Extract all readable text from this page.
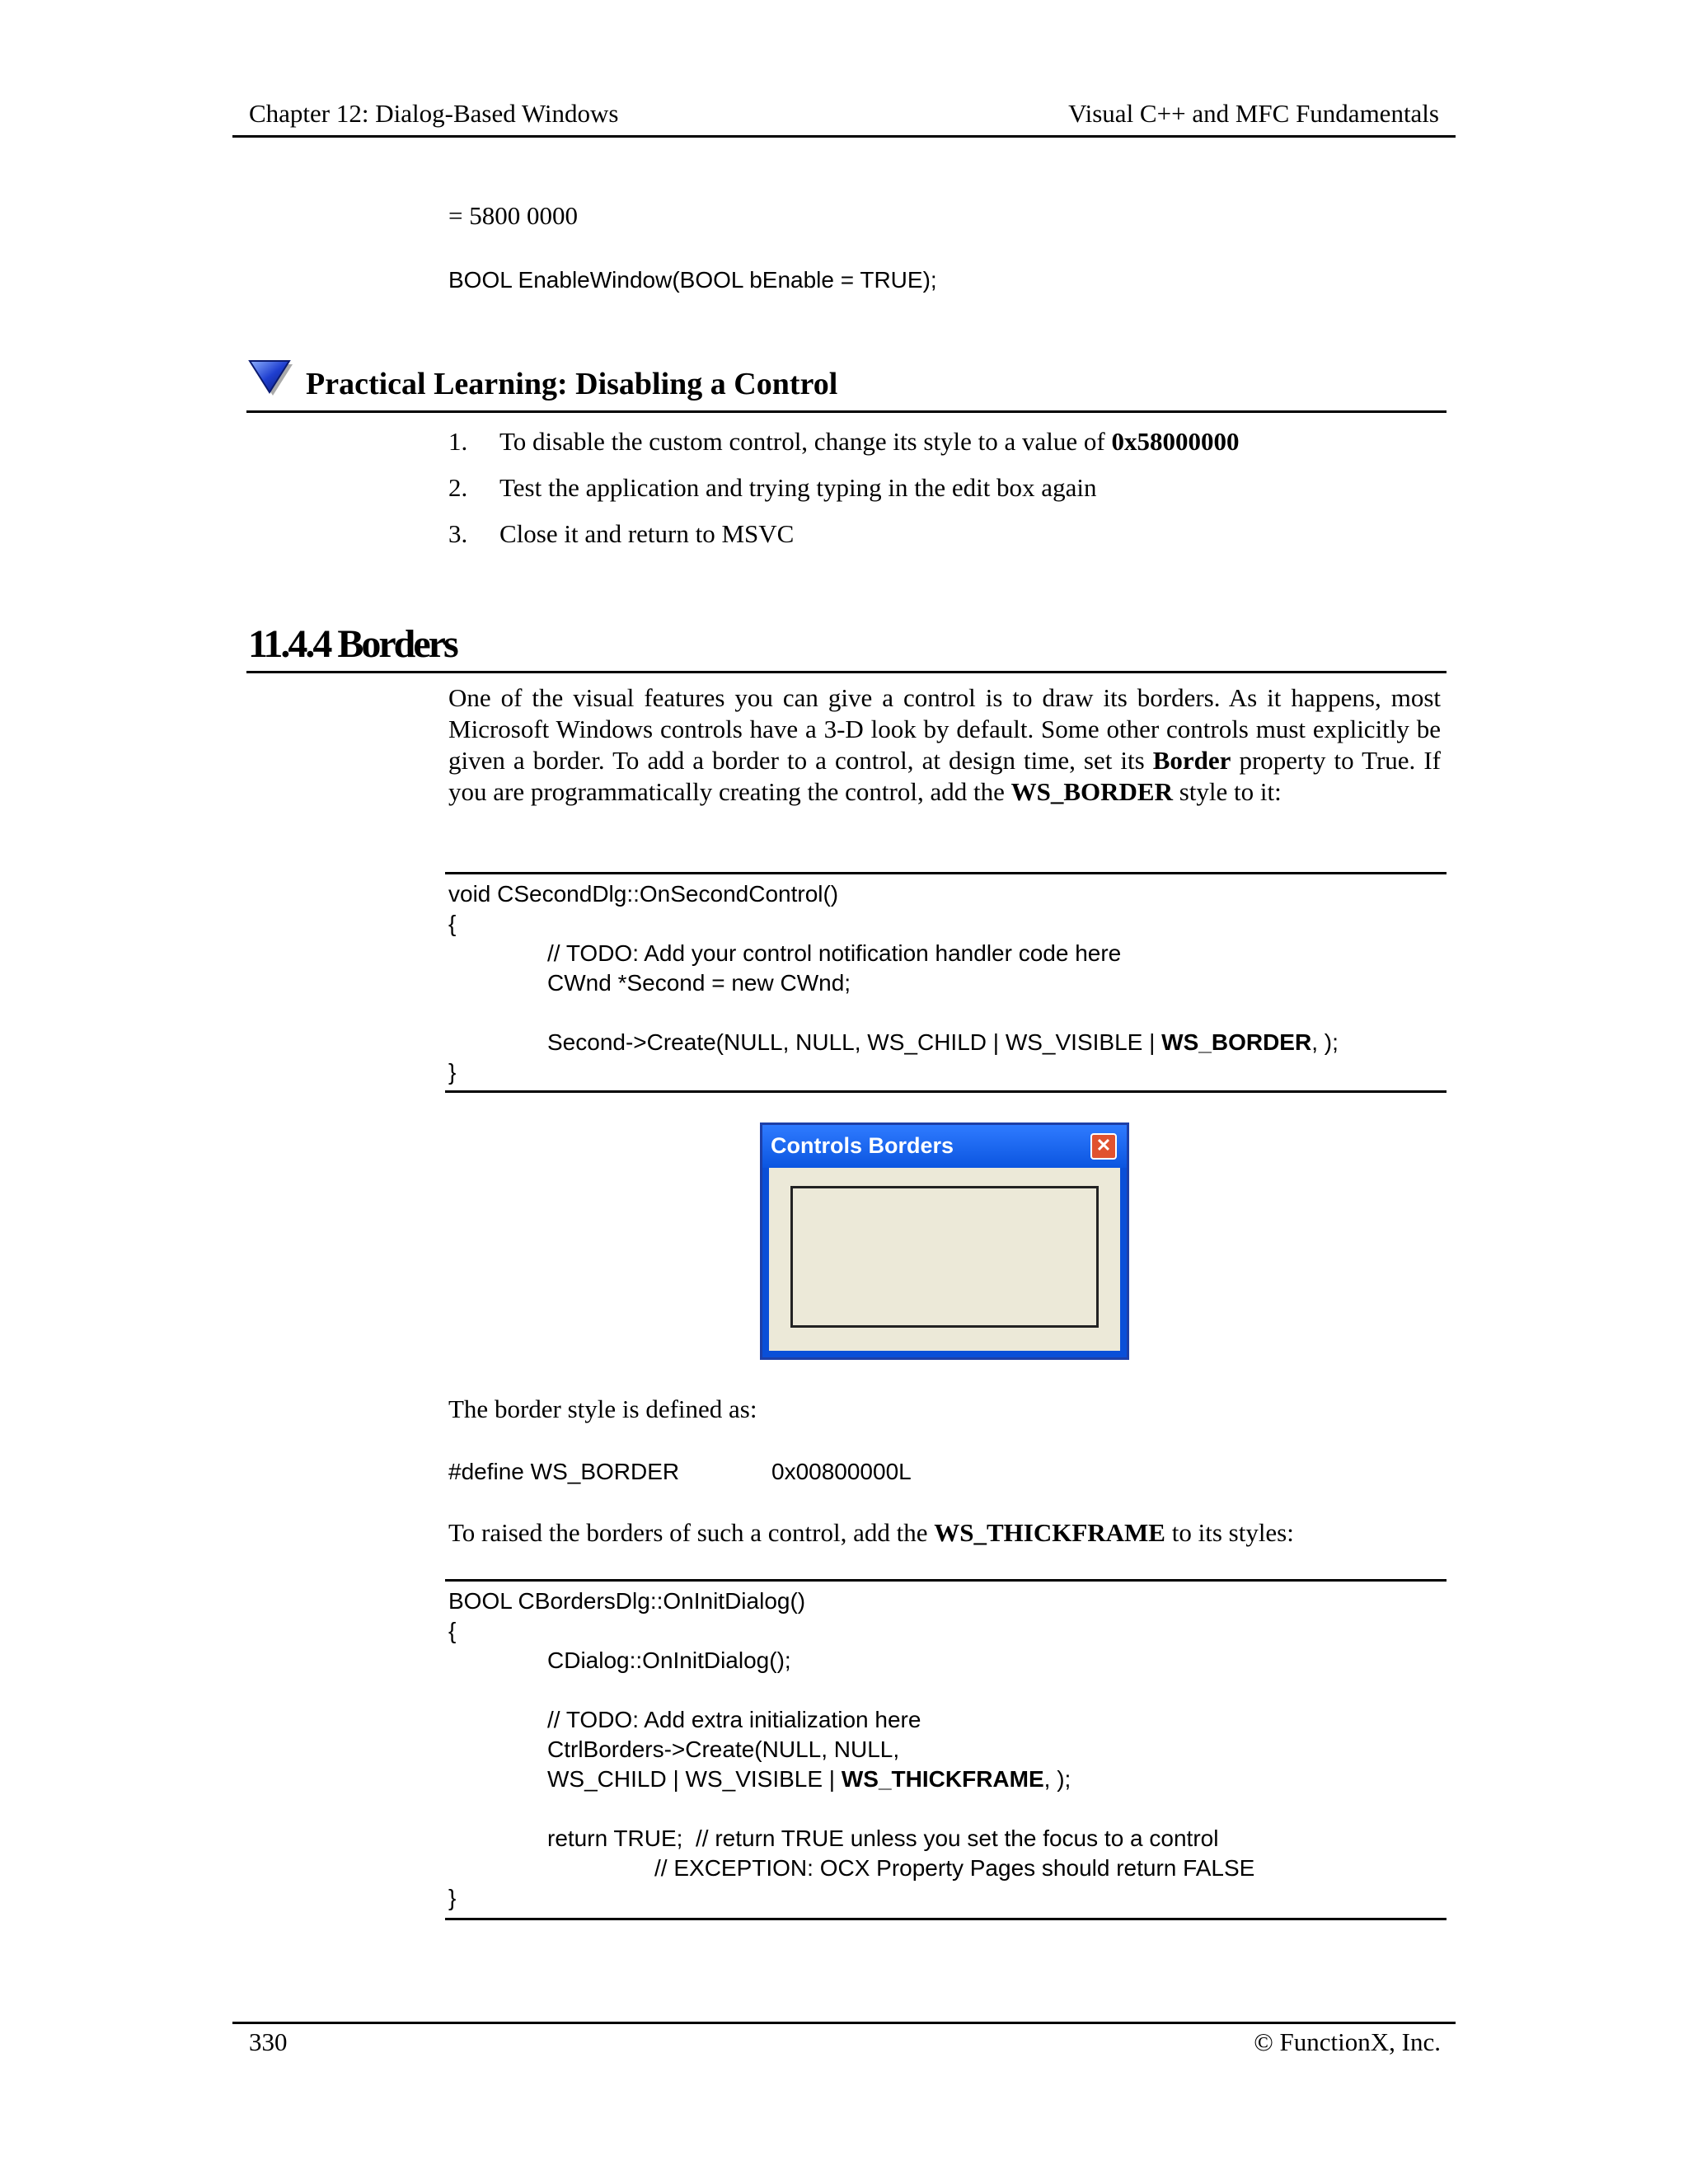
Chapter 12: Dialog-Based Windows	Visual C++ and MFC Fundamentals
= 5800 0000
BOOL EnableWindow(BOOL bEnable = TRUE);
Practical Learning: Disabling a Control
1. To disable the custom control, change its style to a value of 0x58000000
2. Test the application and trying typing in the edit box again
3. Close it and return to MSVC
11.4.4 Borders
One of the visual features you can give a control is to draw its borders. As it happens, most Microsoft Windows controls have a 3-D look by default. Some other controls must explicitly be given a border. To add a border to a control, at design time, set its Border property to True. If you are programmatically creating the control, add the WS_BORDER style to it:
void CSecondDlg::OnSecondControl()
{
// TODO: Add your control notification handler code here
CWnd *Second = new CWnd;
Second->Create(NULL, NULL, WS_CHILD | WS_VISIBLE | WS_BORDER, );
}
Controls Borders	✕
The border style is defined as:
#define WS_BORDER	0x00800000L
To raised the borders of such a control, add the WS_THICKFRAME to its styles:
BOOL CBordersDlg::OnInitDialog()
{
CDialog::OnInitDialog();
// TODO: Add extra initialization here
CtrlBorders->Create(NULL, NULL,
WS_CHILD | WS_VISIBLE | WS_THICKFRAME, );
return TRUE;  // return TRUE unless you set the focus to a control
// EXCEPTION: OCX Property Pages should return FALSE
}
330	© FunctionX, Inc.
